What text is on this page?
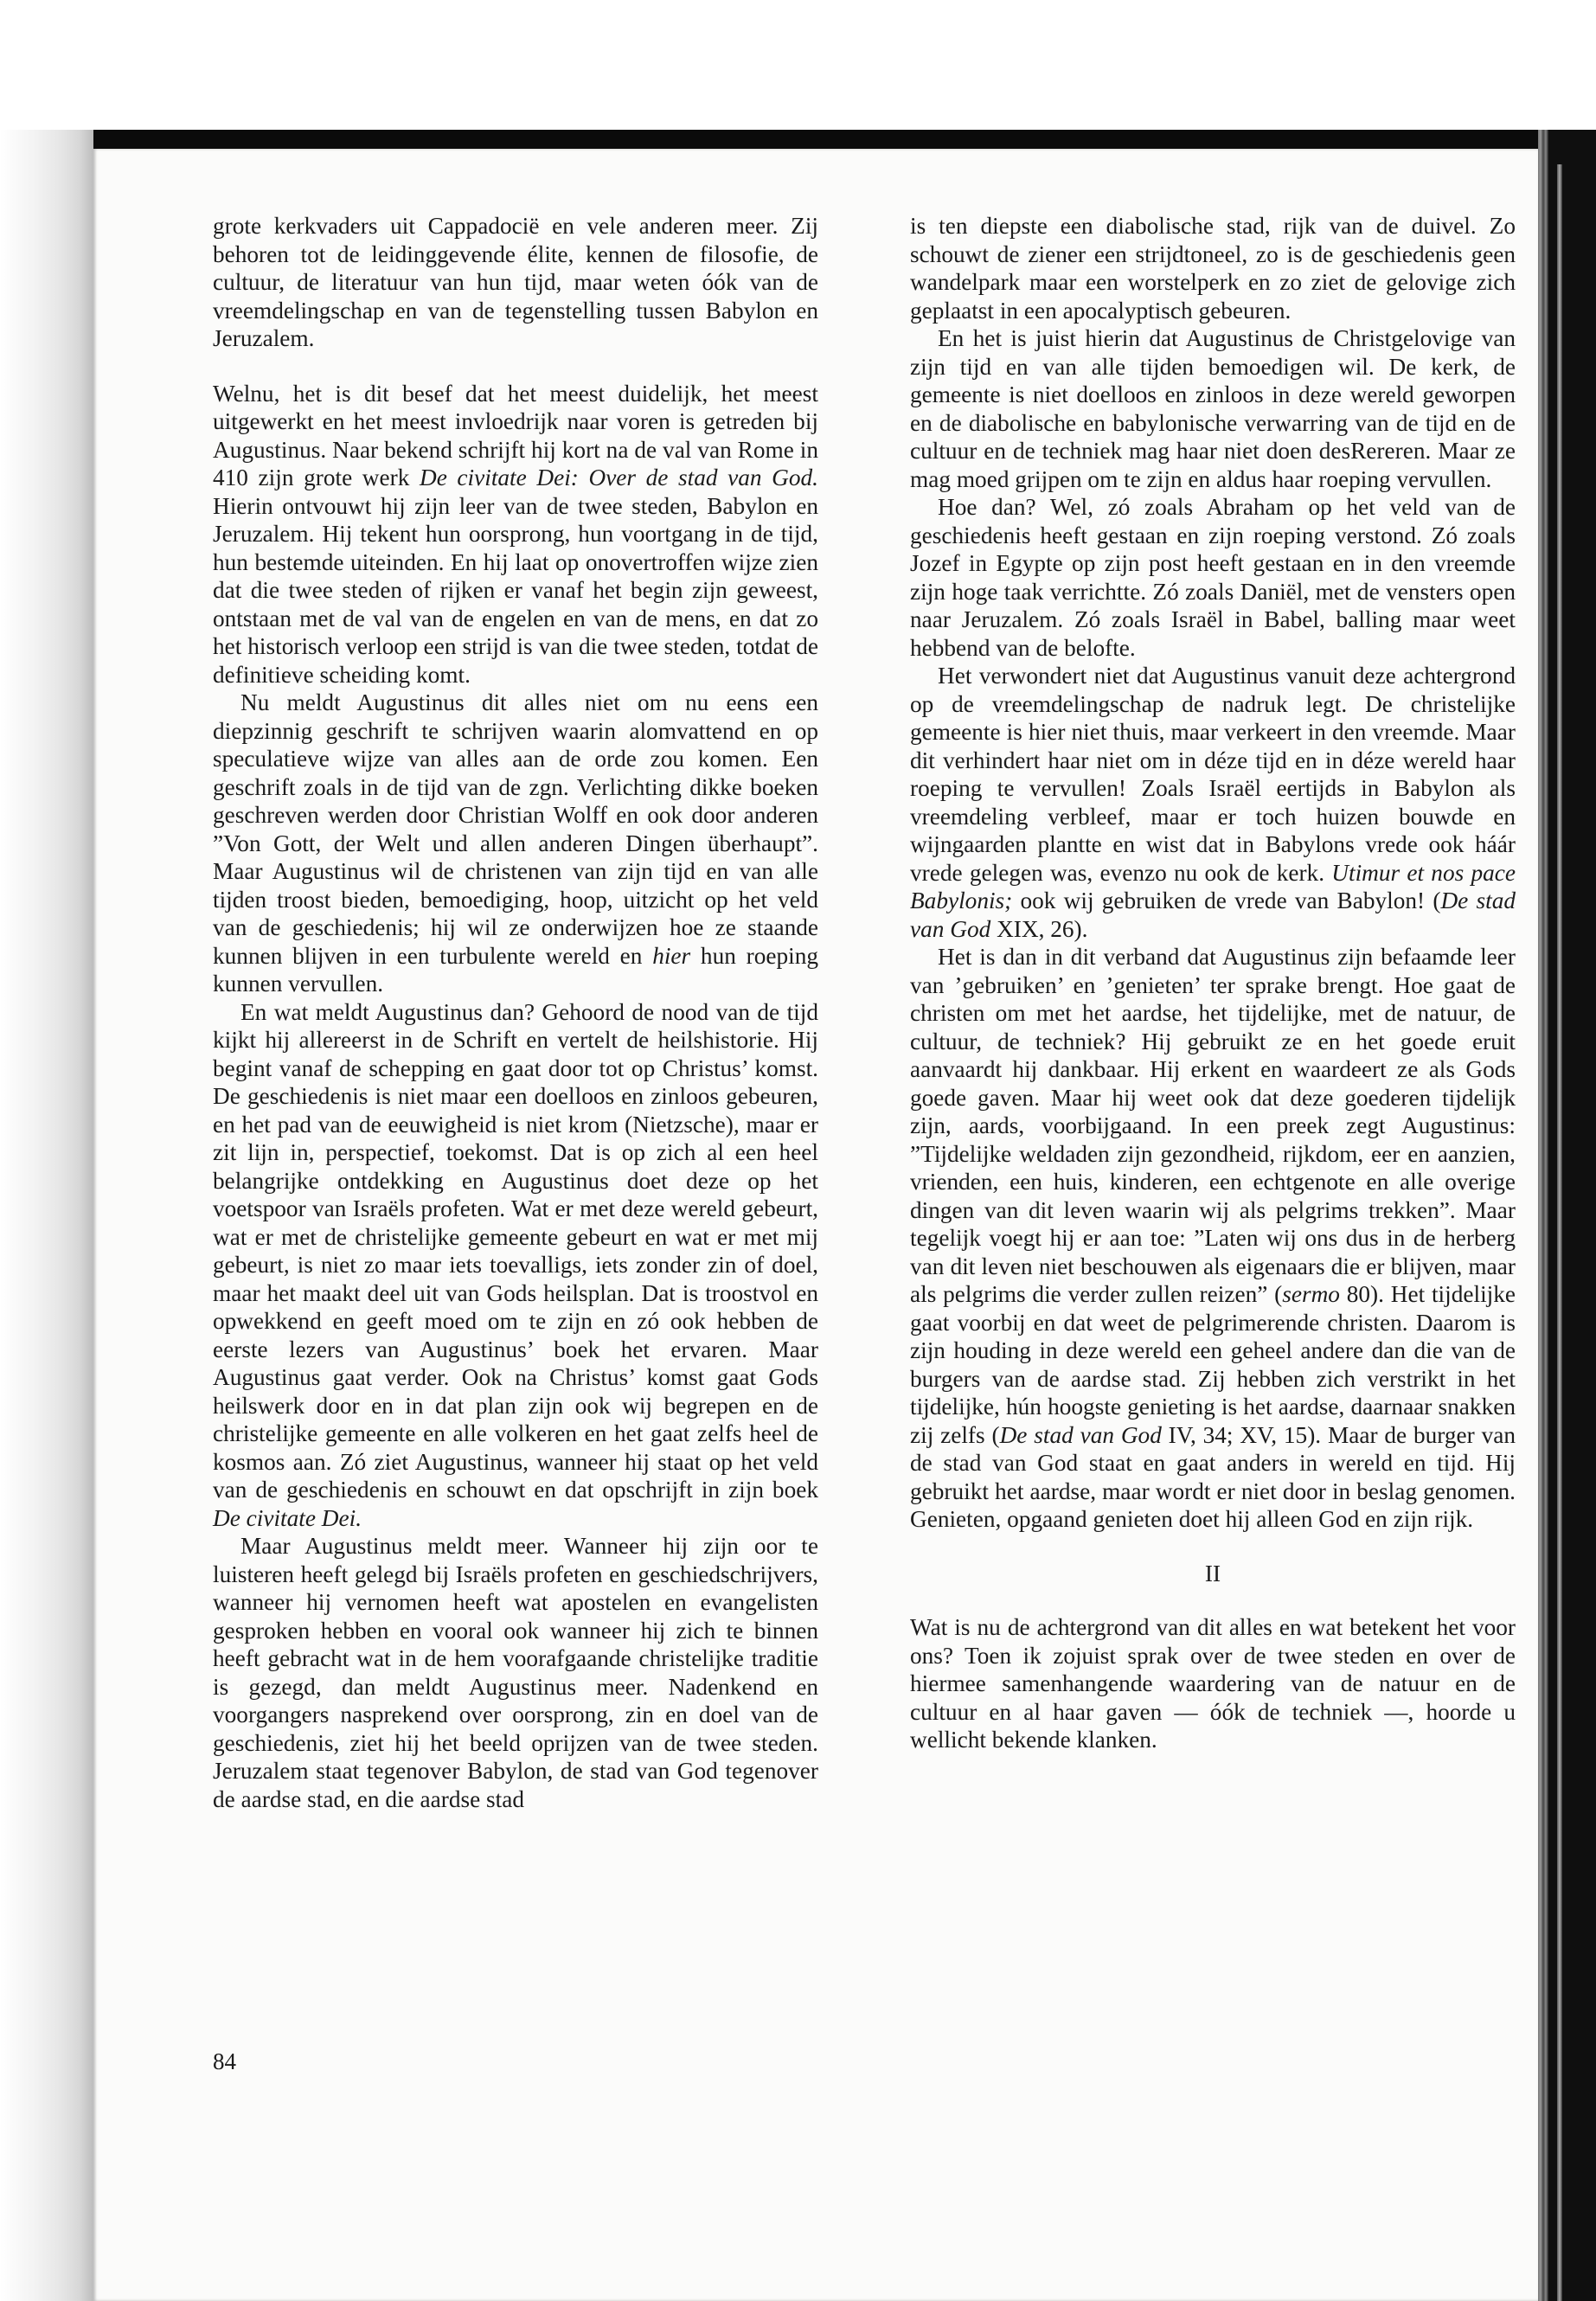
grote kerkvaders uit Cappadocië en vele anderen meer. Zij behoren tot de leidinggevende élite, kennen de filosofie, de cultuur, de literatuur van hun tijd, maar weten óók van de vreemdelingschap en van de tegenstelling tussen Babylon en Jeruzalem.

Welnu, het is dit besef dat het meest duidelijk, het meest uitgewerkt en het meest invloedrijk naar voren is getreden bij Augustinus. Naar bekend schrijft hij kort na de val van Rome in 410 zijn grote werk De civitate Dei: Over de stad van God. Hierin ontvouwt hij zijn leer van de twee steden, Babylon en Jeruzalem. Hij tekent hun oorsprong, hun voortgang in de tijd, hun bestemde uiteinden. En hij laat op onovertroffen wijze zien dat die twee steden of rijken er vanaf het begin zijn geweest, ontstaan met de val van de engelen en van de mens, en dat zo het historisch verloop een strijd is van die twee steden, totdat de definitieve scheiding komt.

Nu meldt Augustinus dit alles niet om nu eens een diepzinnig geschrift te schrijven waarin alomvattend en op speculatieve wijze van alles aan de orde zou komen. Een geschrift zoals in de tijd van de zgn. Verlichting dikke boeken geschreven werden door Christian Wolff en ook door anderen ”Von Gott, der Welt und allen anderen Dingen überhaupt”. Maar Augustinus wil de christenen van zijn tijd en van alle tijden troost bieden, bemoediging, hoop, uitzicht op het veld van de geschiedenis; hij wil ze onderwijzen hoe ze staande kunnen blijven in een turbulente wereld en hier hun roeping kunnen vervullen.

En wat meldt Augustinus dan? Gehoord de nood van de tijd kijkt hij allereerst in de Schrift en vertelt de heilshistorie. Hij begint vanaf de schepping en gaat door tot op Christus’ komst. De geschiedenis is niet maar een doelloos en zinloos gebeuren, en het pad van de eeuwigheid is niet krom (Nietzsche), maar er zit lijn in, perspectief, toekomst. Dat is op zich al een heel belangrijke ontdekking en Augustinus doet deze op het voetspoor van Israëls profeten. Wat er met deze wereld gebeurt, wat er met de christelijke gemeente gebeurt en wat er met mij gebeurt, is niet zo maar iets toevalligs, iets zonder zin of doel, maar het maakt deel uit van Gods heilsplan. Dat is troostvol en opwekkend en geeft moed om te zijn en zó ook hebben de eerste lezers van Augustinus’ boek het ervaren. Maar Augustinus gaat verder. Ook na Christus’ komst gaat Gods heilswerk door en in dat plan zijn ook wij begrepen en de christelijke gemeente en alle volkeren en het gaat zelfs heel de kosmos aan. Zó ziet Augustinus, wanneer hij staat op het veld van de geschiedenis en schouwt en dat opschrijft in zijn boek De civitate Dei.

Maar Augustinus meldt meer. Wanneer hij zijn oor te luisteren heeft gelegd bij Israëls profeten en geschiedschrijvers, wanneer hij vernomen heeft wat apostelen en evangelisten gesproken hebben en vooral ook wanneer hij zich te binnen heeft gebracht wat in de hem voorafgaande christelijke traditie is gezegd, dan meldt Augustinus meer. Nadenkend en voorgangers nasprekend over oorsprong, zin en doel van de geschiedenis, ziet hij het beeld oprijzen van de twee steden. Jeruzalem staat tegenover Babylon, de stad van God tegenover de aardse stad, en die aardse stad

is ten diepste een diabolische stad, rijk van de duivel. Zo schouwt de ziener een strijdtoneel, zo is de geschiedenis geen wandelpark maar een worstelperk en zo ziet de gelovige zich geplaatst in een apocalyptisch gebeuren.

En het is juist hierin dat Augustinus de Christgelovige van zijn tijd en van alle tijden bemoedigen wil. De kerk, de gemeente is niet doelloos en zinloos in deze wereld geworpen en de diabolische en babylonische verwarring van de tijd en de cultuur en de techniek mag haar niet doen desRereren. Maar ze mag moed grijpen om te zijn en aldus haar roeping vervullen.

Hoe dan? Wel, zó zoals Abraham op het veld van de geschiedenis heeft gestaan en zijn roeping verstond. Zó zoals Jozef in Egypte op zijn post heeft gestaan en in den vreemde zijn hoge taak verrichtte. Zó zoals Daniël, met de vensters open naar Jeruzalem. Zó zoals Israël in Babel, balling maar weet hebbend van de belofte.

Het verwondert niet dat Augustinus vanuit deze achtergrond op de vreemdelingschap de nadruk legt. De christelijke gemeente is hier niet thuis, maar verkeert in den vreemde. Maar dit verhindert haar niet om in déze tijd en in déze wereld haar roeping te vervullen! Zoals Israël eertijds in Babylon als vreemdeling verbleef, maar er toch huizen bouwde en wijngaarden plantte en wist dat in Babylons vrede ook háár vrede gelegen was, evenzo nu ook de kerk. Utimur et nos pace Babylonis; ook wij gebruiken de vrede van Babylon! (De stad van God XIX, 26).

Het is dan in dit verband dat Augustinus zijn befaamde leer van ’gebruiken’ en ’genieten’ ter sprake brengt. Hoe gaat de christen om met het aardse, het tijdelijke, met de natuur, de cultuur, de techniek? Hij gebruikt ze en het goede eruit aanvaardt hij dankbaar. Hij erkent en waardeert ze als Gods goede gaven. Maar hij weet ook dat deze goederen tijdelijk zijn, aards, voorbijgaand. In een preek zegt Augustinus: ”Tijdelijke weldaden zijn gezondheid, rijkdom, eer en aanzien, vrienden, een huis, kinderen, een echtgenote en alle overige dingen van dit leven waarin wij als pelgrims trekken”. Maar tegelijk voegt hij er aan toe: ”Laten wij ons dus in de herberg van dit leven niet beschouwen als eigenaars die er blijven, maar als pelgrims die verder zullen reizen” (sermo 80). Het tijdelijke gaat voorbij en dat weet de pelgrimerende christen. Daarom is zijn houding in deze wereld een geheel andere dan die van de burgers van de aardse stad. Zij hebben zich verstrikt in het tijdelijke, hún hoogste genieting is het aardse, daarnaar snakken zij zelfs (De stad van God IV, 34; XV, 15). Maar de burger van de stad van God staat en gaat anders in wereld en tijd. Hij gebruikt het aardse, maar wordt er niet door in beslag genomen. Genieten, opgaand genieten doet hij alleen God en zijn rijk.

II

Wat is nu de achtergrond van dit alles en wat betekent het voor ons? Toen ik zojuist sprak over de twee steden en over de hiermee samenhangende waardering van de natuur en de cultuur en al haar gaven — óók de techniek —, hoorde u wellicht bekende klanken.

84
